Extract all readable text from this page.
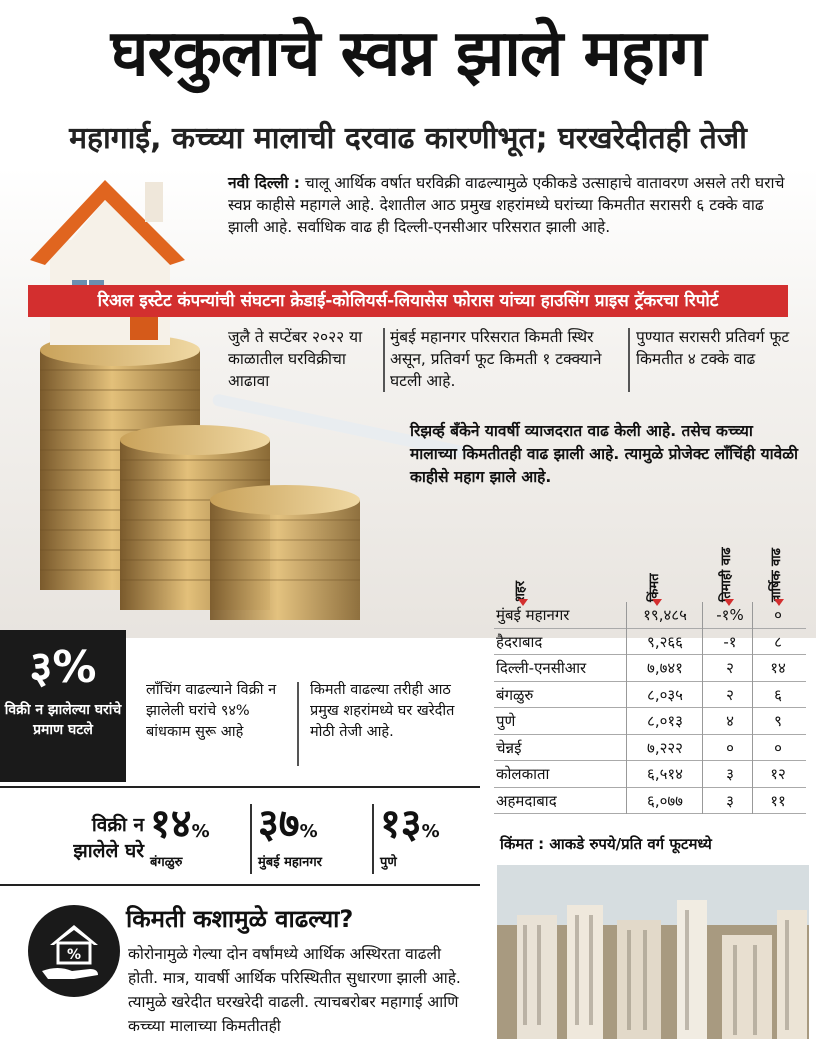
घरकुलाचे स्वप्न झाले महाग
महागाई, कच्च्या मालाची दरवाढ कारणीभूत; घरखरेदीतही तेजी
नवी दिल्ली : चालू आर्थिक वर्षात घरविक्री वाढल्यामुळे एकीकडे उत्साहाचे वातावरण असले तरी घराचे स्वप्न काहीसे महागले आहे. देशातील आठ प्रमुख शहरांमध्ये घरांच्या किमतीत सरासरी ६ टक्के वाढ झाली आहे. सर्वाधिक वाढ ही दिल्ली-एनसीआर परिसरात झाली आहे.
रिअल इस्टेट कंपन्यांची संघटना क्रेडाई-कोलियर्स-लियासेस फोरास यांच्या हाउसिंग प्राइस ट्रॅकरचा रिपोर्ट
जुलै ते सप्टेंबर २०२२ या काळातील घरविक्रीचा आढावा
मुंबई महानगर परिसरात किमती स्थिर असून, प्रतिवर्ग फूट किमती १ टक्क्याने घटली आहे.
पुण्यात सरासरी प्रतिवर्ग फूट किमतीत ४ टक्के वाढ
रिझर्व्ह बँकेने यावर्षी व्याजदरात वाढ केली आहे. तसेच कच्च्या मालाच्या किमतीतही वाढ झाली आहे. त्यामुळे प्रोजेक्ट लॉंचिंही यावेळी काहीसे महाग झाले आहे.
शहर	किंमत	तिमाही वाढ	वार्षिक वाढ
मुंबई महानगर	१९,४८५	-१%	०
हैदराबाद	९,२६६	-१	८
दिल्ली-एनसीआर	७,७४१	२	१४
बंगळुरु	८,०३५	२	६
पुणे	८,०१३	४	९
चेन्नई	७,२२२	०	०
कोलकाता	६,५१४	३	१२
अहमदाबाद	६,०७७	३	११
किंमत : आकडे रुपये/प्रति वर्ग फूटमध्ये
३%
विक्री न झालेल्या घरांचे प्रमाण घटले
लॉंचिंग वाढल्याने विक्री न झालेली घरांचे ९४% बांधकाम सुरू आहे
किमती वाढल्या तरीही आठ प्रमुख शहरांमध्ये घर खरेदीत मोठी तेजी आहे.
विक्री न झालेले घरे
१४%
बंगळुरु
३७%
मुंबई महानगर
१३%
पुणे
%
किमती कशामुळे वाढल्या?
कोरोनामुळे गेल्या दोन वर्षांमध्ये आर्थिक अस्थिरता वाढली होती. मात्र, यावर्षी आर्थिक परिस्थितीत सुधारणा झाली आहे. त्यामुळे खरेदीत घरखरेदी वाढली. त्याचबरोबर महागाई आणि कच्च्या मालाच्या किमतीतही
